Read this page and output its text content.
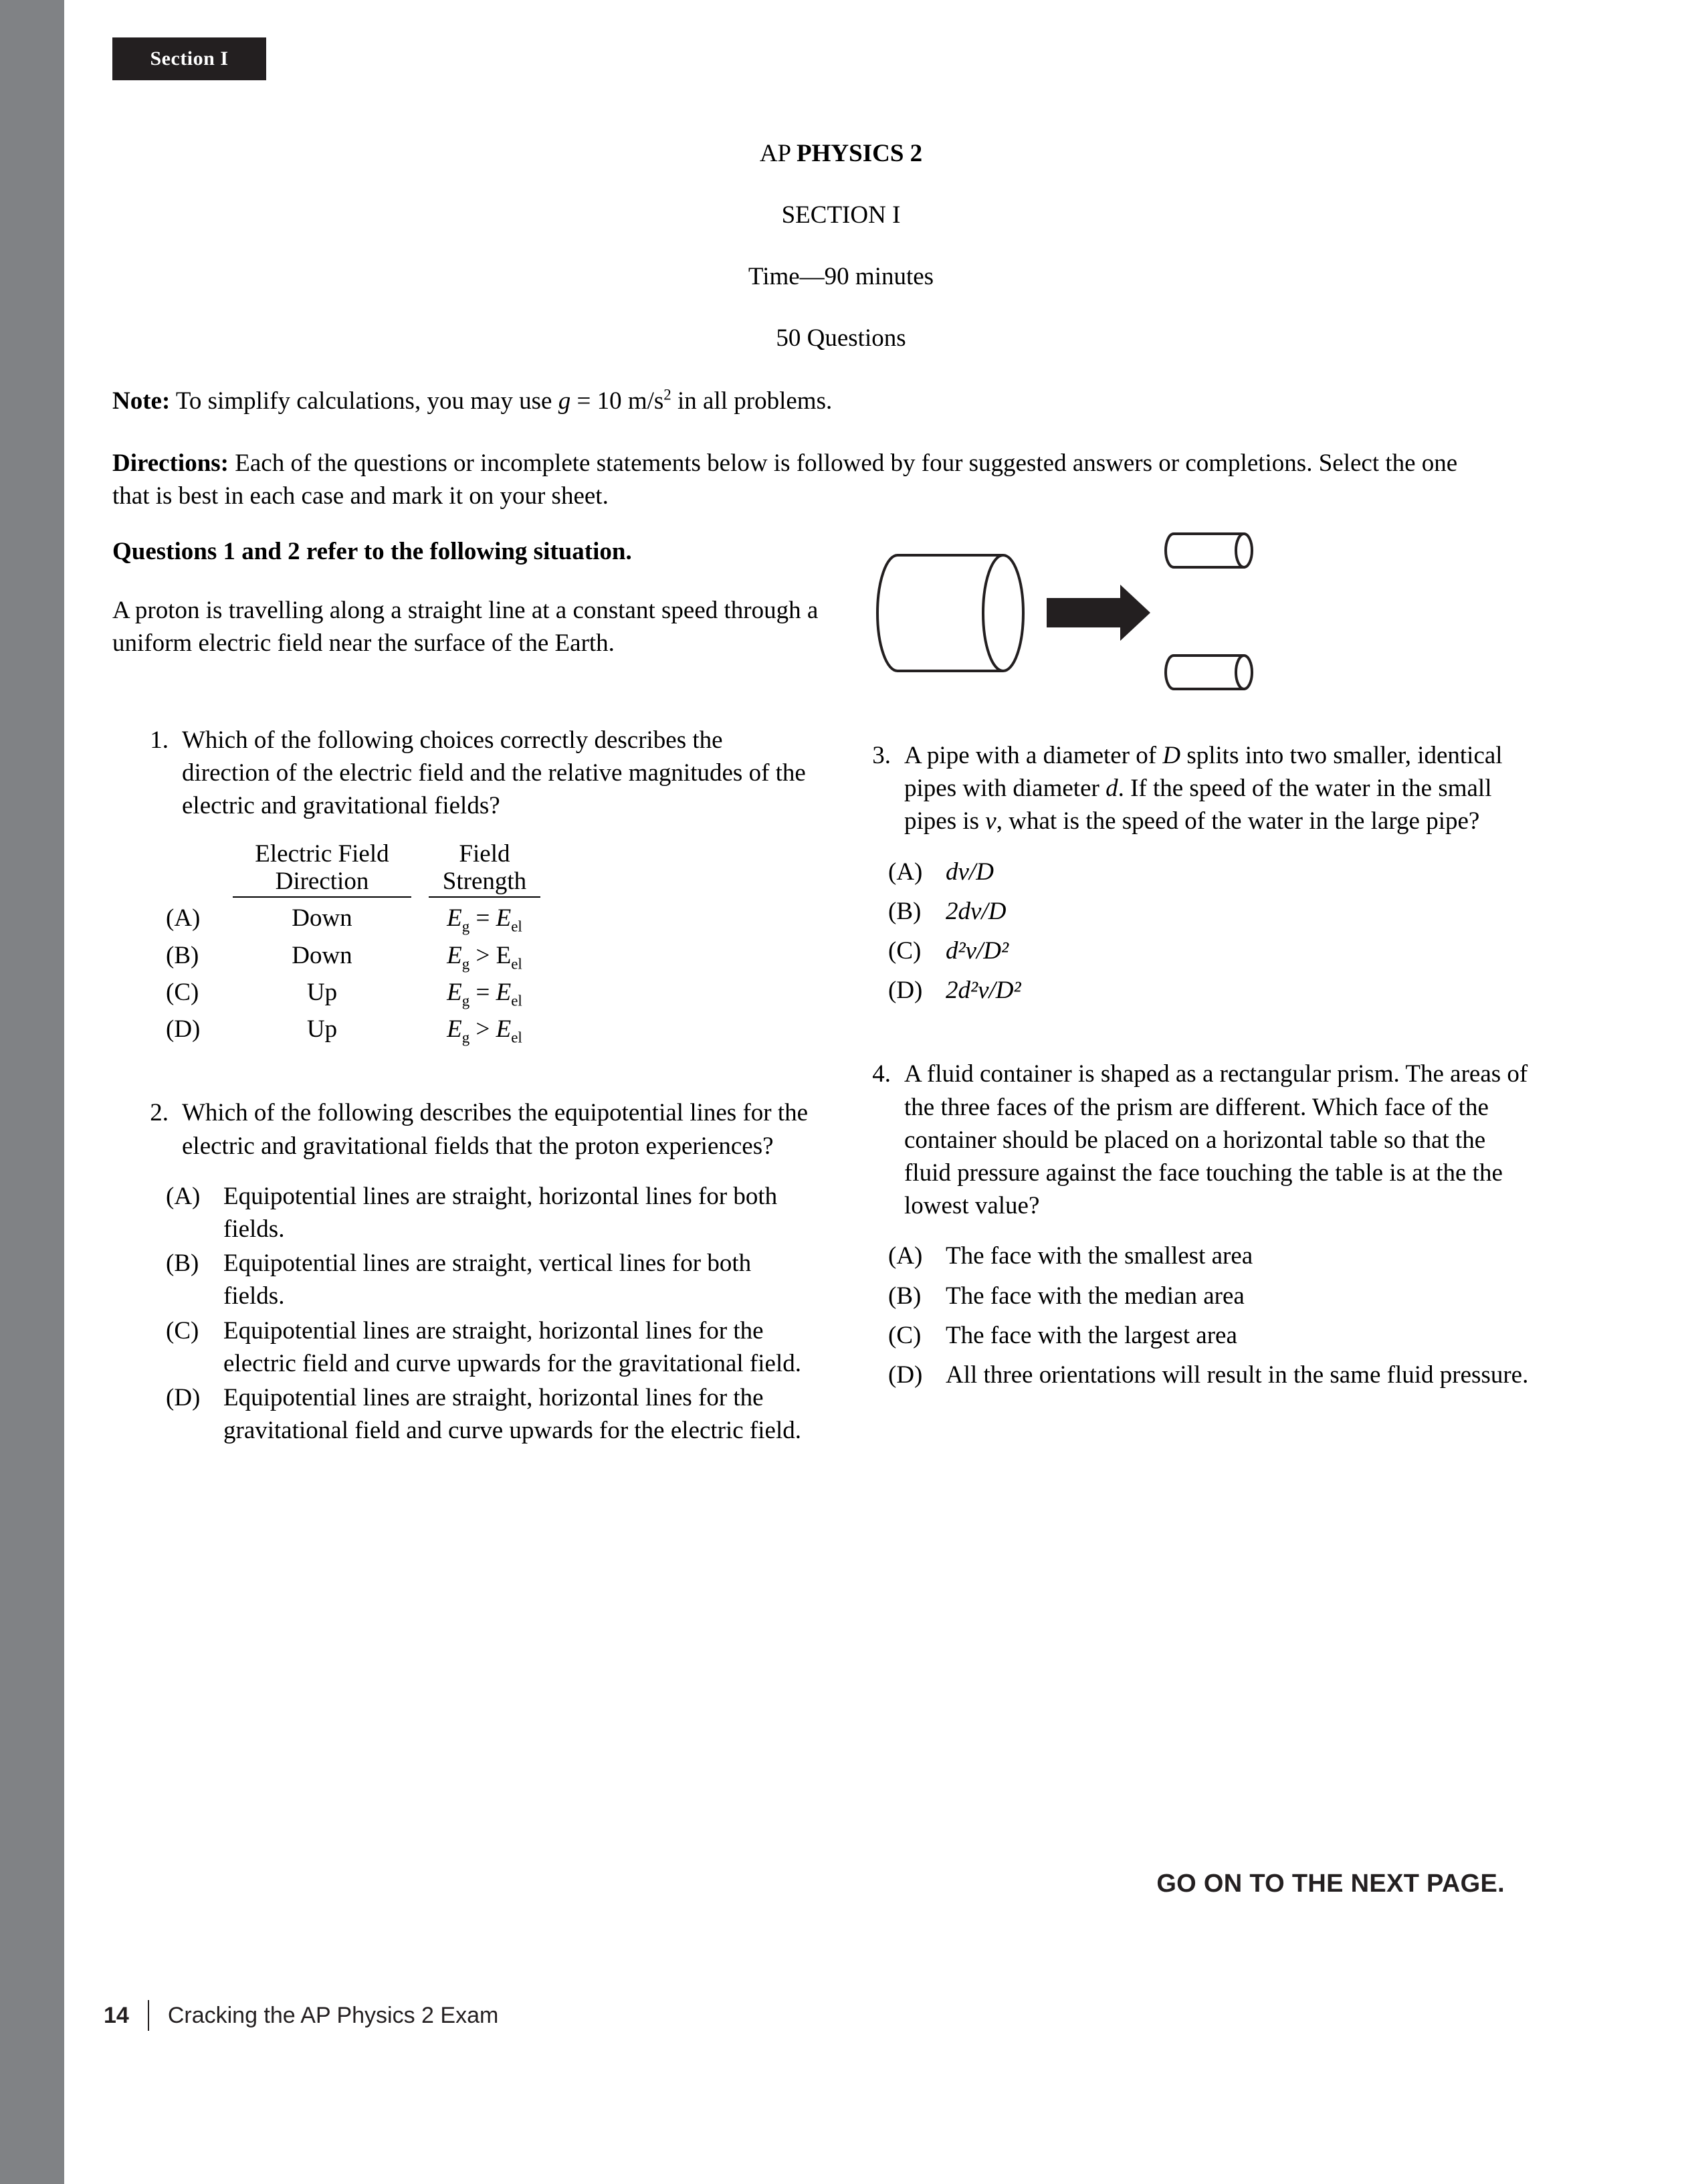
Section I
AP PHYSICS 2
SECTION I
Time—90 minutes
50 Questions
Note: To simplify calculations, you may use g = 10 $m/s^2$ in all problems.
Directions: Each of the questions or incomplete statements below is followed by four suggested answers or completions. Select the one that is best in each case and mark it on your sheet.
Questions 1 and 2 refer to the following situation.
A proton is travelling along a straight line at a constant speed through a uniform electric field near the surface of the Earth.
1. Which of the following choices correctly describes the direction of the electric field and the relative magnitudes of the electric and gravitational fields?

Electric Field
Direction

Field
Strength

(A)	Down		$E_g = E_{el}$
(B)	Down		$E_g > E_{el}$
(C)	Up		$E_g = E_{el}$
(D)	Up		$E_g > E_{el}$
2. Which of the following describes the equipotential lines for the electric and gravitational fields that the proton experiences?
(A) Equipotential lines are straight, horizontal lines for both fields.
(B) Equipotential lines are straight, vertical lines for both fields.
(C) Equipotential lines are straight, horizontal lines for the electric field and curve upwards for the gravitational field.
(D) Equipotential lines are straight, horizontal lines for the gravitational field and curve upwards for the electric field.
3. A pipe with a diameter of D splits into two smaller, identical pipes with diameter d. If the speed of the water in the small pipes is v, what is the speed of the water in the large pipe?
(A) dv/D
(B) 2dv/D
(C) d²v/D²
(D) 2d²v/D²
4. A fluid container is shaped as a rectangular prism. The areas of the three faces of the prism are different. Which face of the container should be placed on a horizontal table so that the fluid pressure against the face touching the table is at the the lowest value?
(A) The face with the smallest area
(B) The face with the median area
(C) The face with the largest area
(D) All three orientations will result in the same fluid pressure.
GO ON TO THE NEXT PAGE.
14 Cracking the AP Physics 2 Exam
